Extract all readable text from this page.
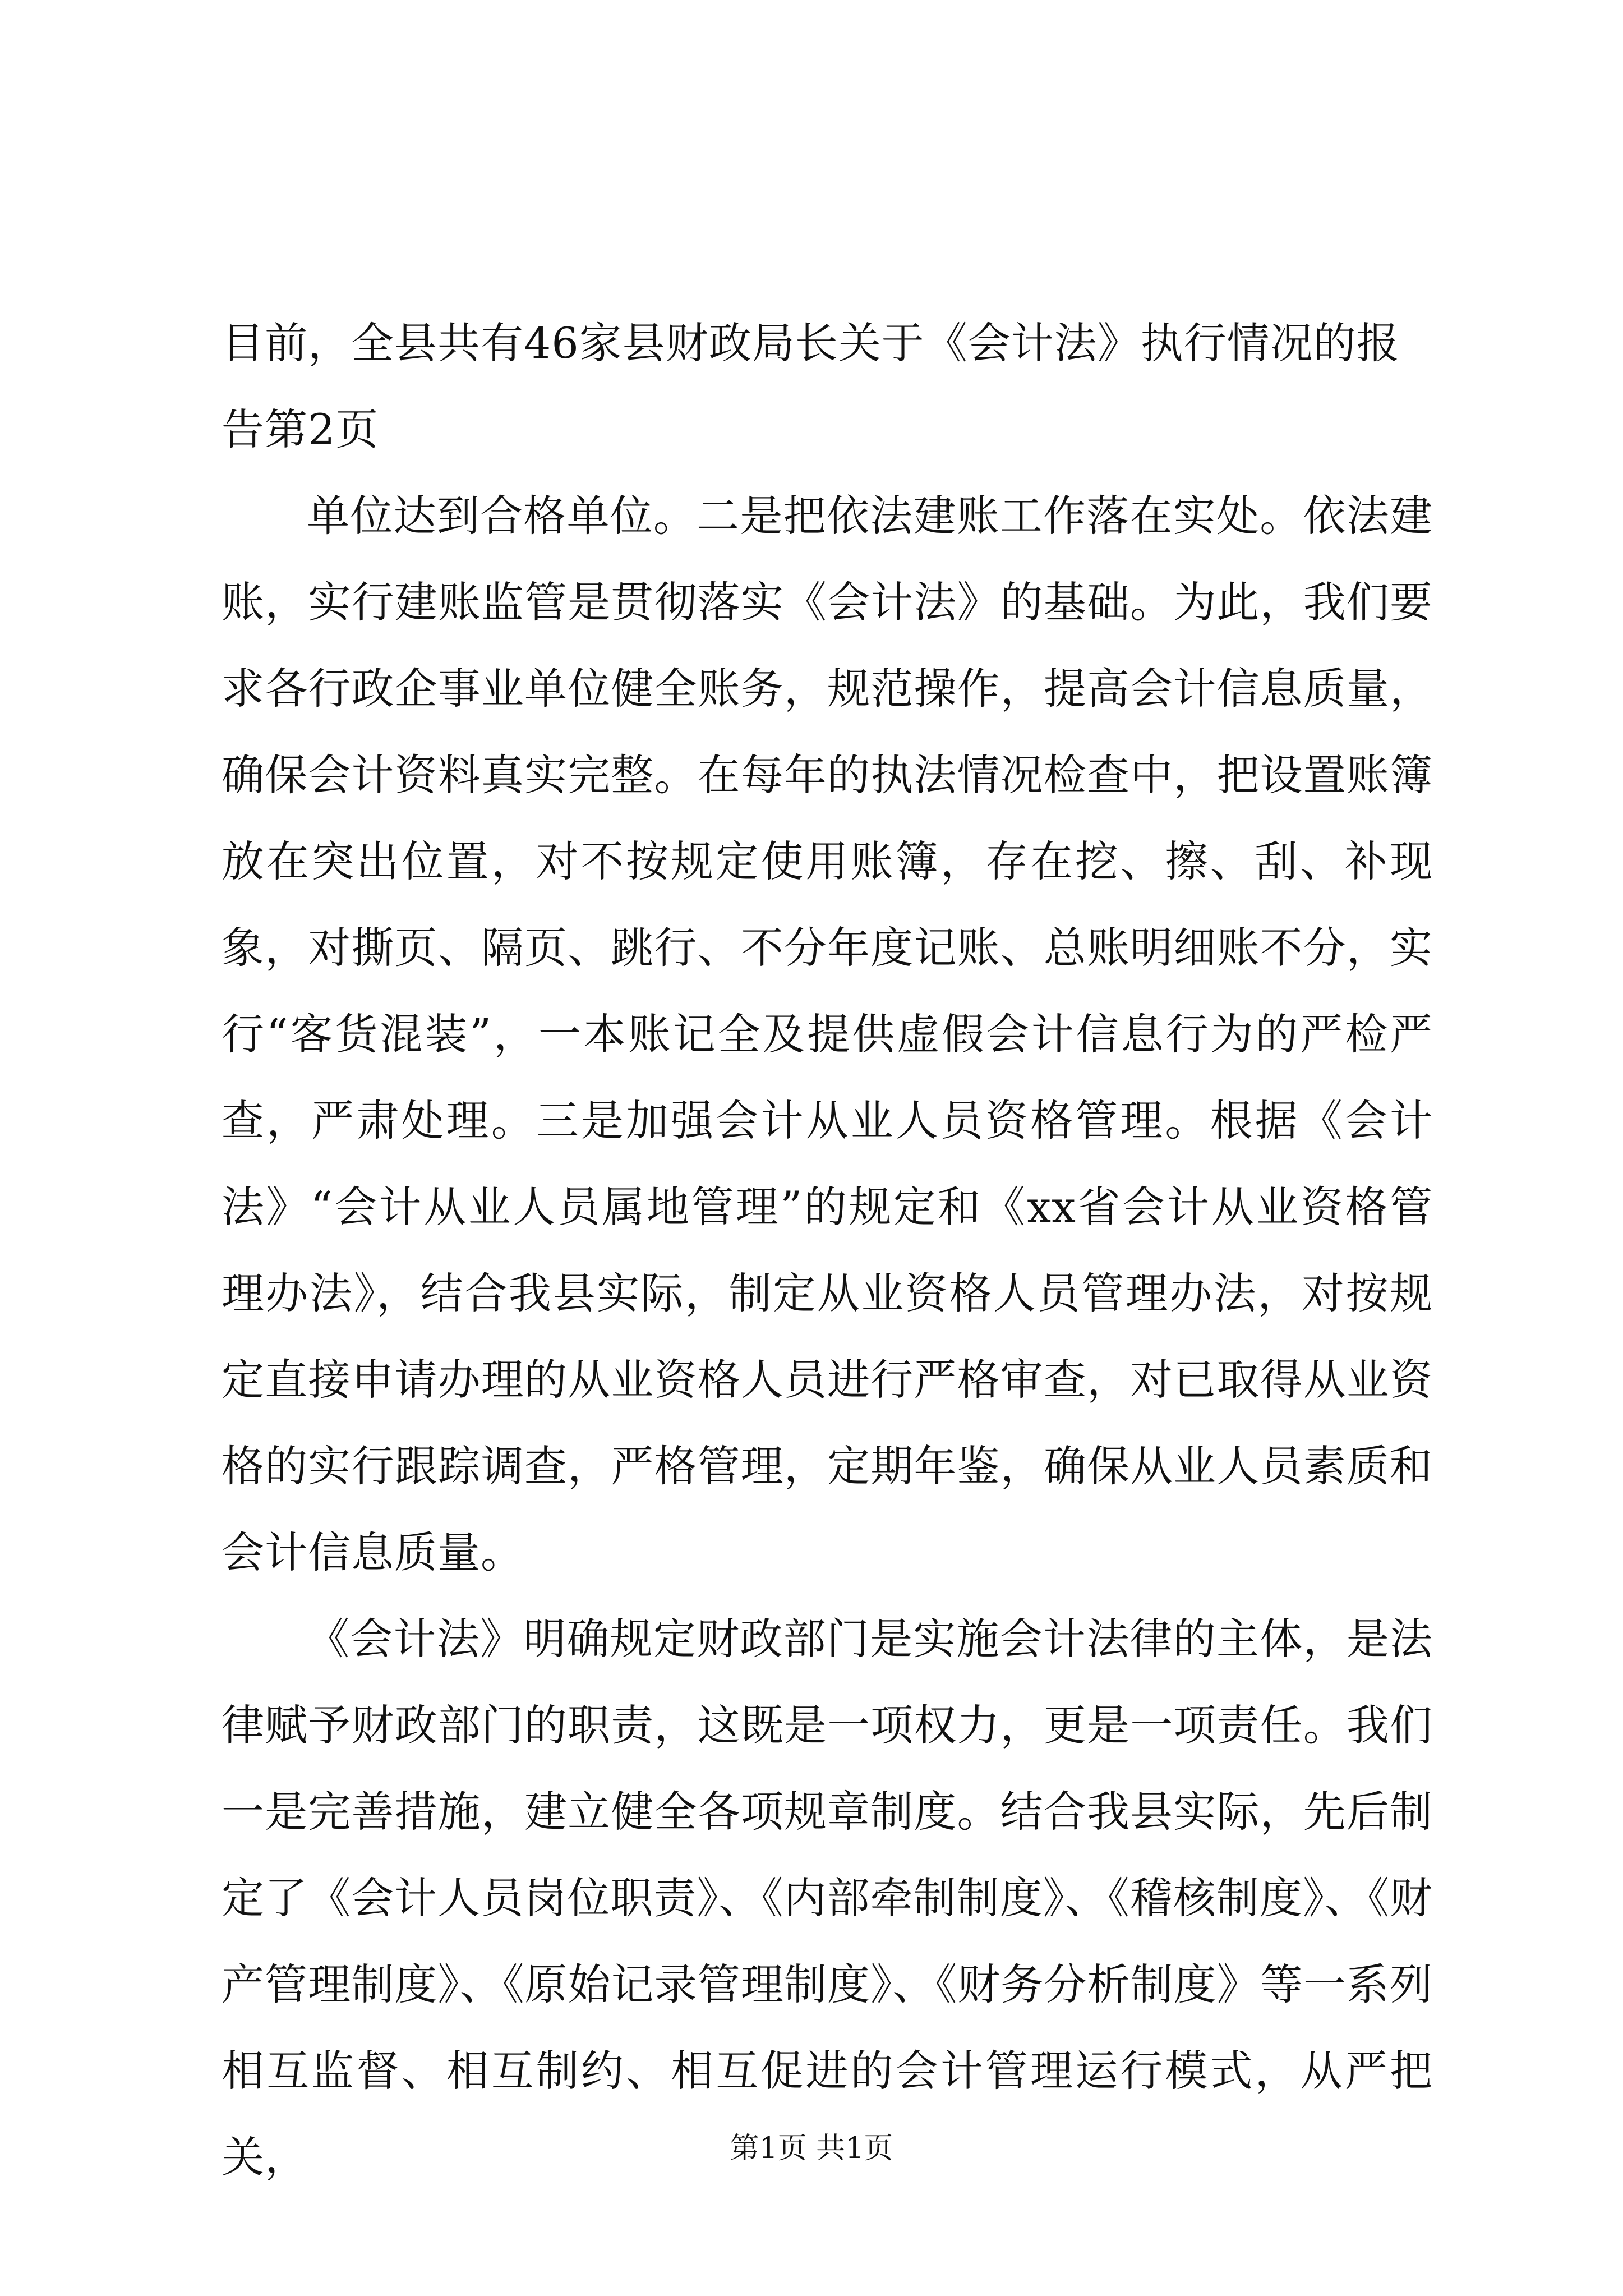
目前，全县共有46家县财政局长关于《会计法》执行情况的报告第2页

单位达到合格单位。二是把依法建账工作落在实处。依法建账，实行建账监管是贯彻落实《会计法》的基础。为此，我们要求各行政企事业单位健全账务，规范操作，提高会计信息质量，确保会计资料真实完整。在每年的执法情况检查中，把设置账簿放在突出位置，对不按规定使用账簿，存在挖、擦、刮、补现象，对撕页、隔页、跳行、不分年度记账、总账明细账不分，实行“客货混装”，一本账记全及提供虚假会计信息行为的严检严查，严肃处理。三是加强会计从业人员资格管理。根据《会计法》“会计从业人员属地管理”的规定和《xx省会计从业资格管理办法》，结合我县实际，制定从业资格人员管理办法，对按规定直接申请办理的从业资格人员进行严格审查，对已取得从业资格的实行跟踪调查，严格管理，定期年鉴，确保从业人员素质和会计信息质量。

《会计法》明确规定财政部门是实施会计法律的主体，是法律赋予财政部门的职责，这既是一项权力，更是一项责任。我们一是完善措施，建立健全各项规章制度。结合我县实际，先后制定了《会计人员岗位职责》、《内部牵制制度》、《稽核制度》、《财产管理制度》、《原始记录管理制度》、《财务分析制度》等一系列相互监督、相互制约、相互促进的会计管理运行模式，从严把关，	第1页 共1页
